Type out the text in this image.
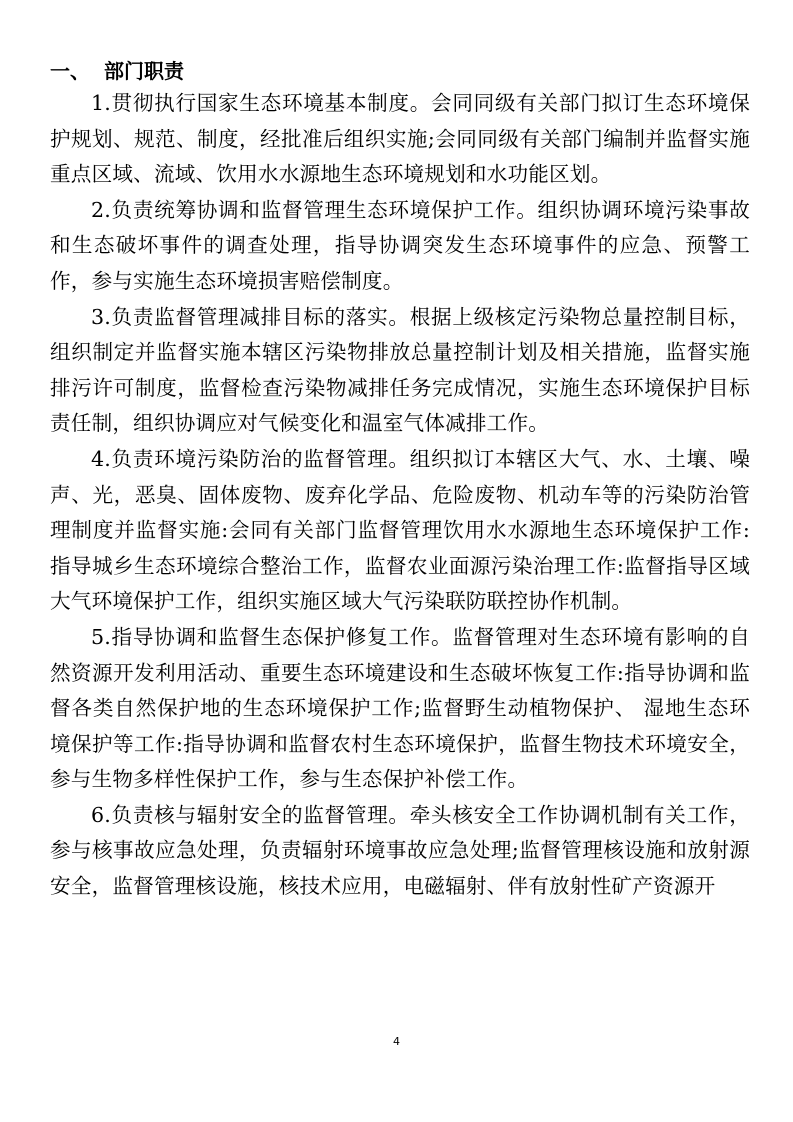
一、 部门职责

1.贯彻执行国家生态环境基本制度。会同同级有关部门拟订生态环境保护规划、规范、制度，经批准后组织实施;会同同级有关部门编制并监督实施重点区域、流域、饮用水水源地生态环境规划和水功能区划。

2.负责统筹协调和监督管理生态环境保护工作。组织协调环境污染事故和生态破坏事件的调查处理，指导协调突发生态环境事件的应急、预警工作，参与实施生态环境损害赔偿制度。

3.负责监督管理减排目标的落实。根据上级核定污染物总量控制目标，组织制定并监督实施本辖区污染物排放总量控制计划及相关措施，监督实施排污许可制度，监督检查污染物减排任务完成情况，实施生态环境保护目标责任制，组织协调应对气候变化和温室气体减排工作。

4.负责环境污染防治的监督管理。组织拟订本辖区大气、水、土壤、噪声、光，恶臭、固体废物、废弃化学品、危险废物、机动车等的污染防治管理制度并监督实施:会同有关部门监督管理饮用水水源地生态环境保护工作:指导城乡生态环境综合整治工作，监督农业面源污染治理工作:监督指导区域大气环境保护工作，组织实施区域大气污染联防联控协作机制。

5.指导协调和监督生态保护修复工作。监督管理对生态环境有影响的自然资源开发利用活动、重要生态环境建设和生态破坏恢复工作:指导协调和监督各类自然保护地的生态环境保护工作;监督野生动植物保护、 湿地生态环境保护等工作:指导协调和监督农村生态环境保护，监督生物技术环境安全，参与生物多样性保护工作，参与生态保护补偿工作。

6.负责核与辐射安全的监督管理。牵头核安全工作协调机制有关工作，参与核事故应急处理，负责辐射环境事故应急处理;监督管理核设施和放射源安全，监督管理核设施，核技术应用，电磁辐射、伴有放射性矿产资源开

4
